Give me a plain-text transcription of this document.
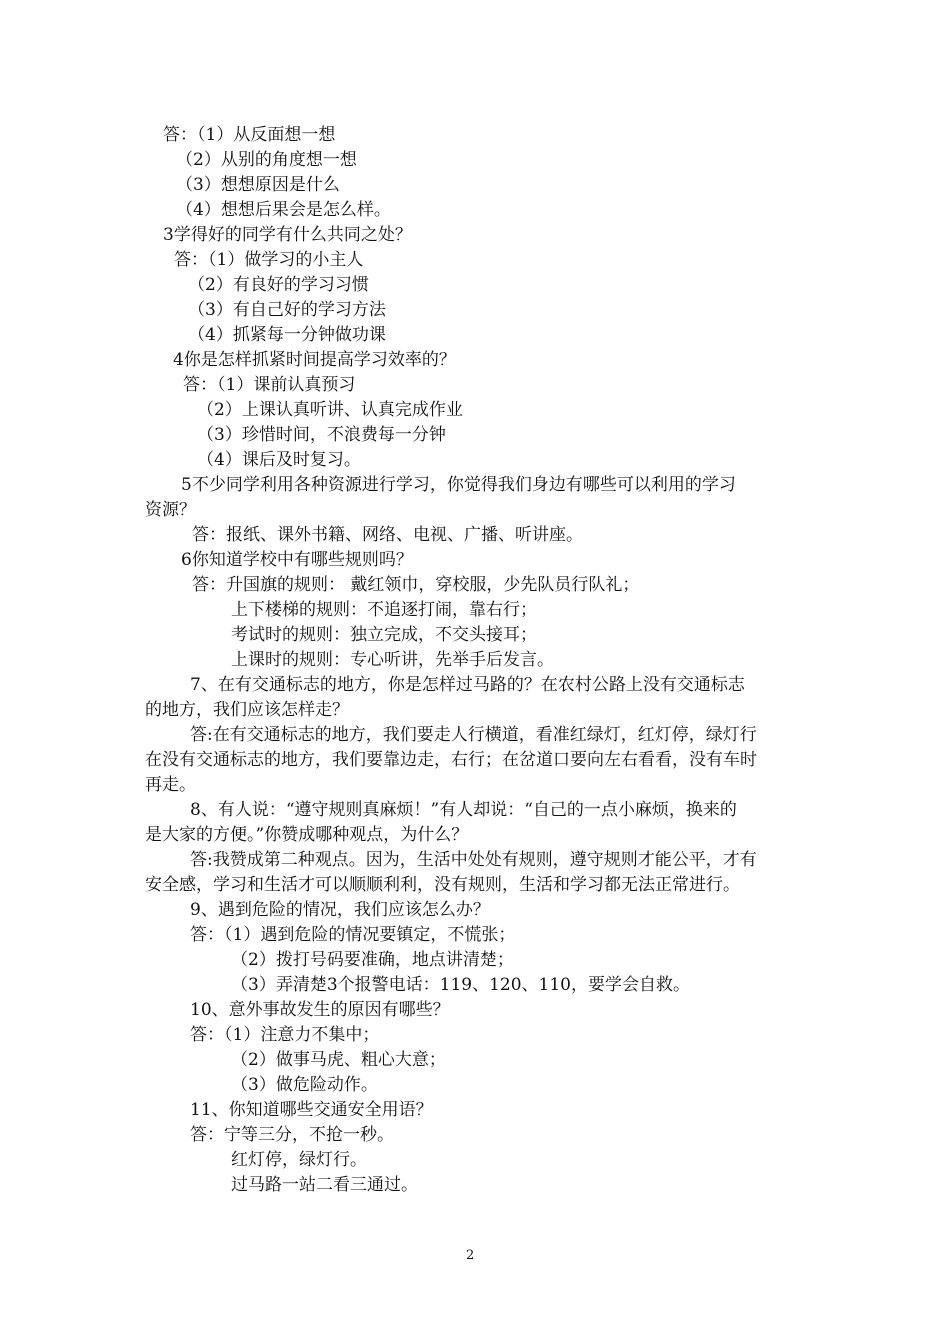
答：（1）从反面想一想
（2）从别的角度想一想
（3）想想原因是什么
（4）想想后果会是怎么样。
3学得好的同学有什么共同之处？
答：（1）做学习的小主人
（2）有良好的学习习惯
（3）有自己好的学习方法
（4）抓紧每一分钟做功课
4你是怎样抓紧时间提高学习效率的？
答：（1）课前认真预习
（2）上课认真听讲、认真完成作业
（3）珍惜时间，不浪费每一分钟
（4）课后及时复习。
5不少同学利用各种资源进行学习，你觉得我们身边有哪些可以利用的学习
资源？
答：报纸、课外书籍、网络、电视、广播、听讲座。
6你知道学校中有哪些规则吗？
答：升国旗的规则： 戴红领巾，穿校服，少先队员行队礼；
上下楼梯的规则：不追逐打闹，靠右行；
考试时的规则：独立完成，不交头接耳；
上课时的规则：专心听讲，先举手后发言。
7、在有交通标志的地方，你是怎样过马路的？在农村公路上没有交通标志
的地方，我们应该怎样走？
答:在有交通标志的地方，我们要走人行横道，看准红绿灯，红灯停，绿灯行
在没有交通标志的地方，我们要靠边走，右行；在岔道口要向左右看看，没有车时
再走。
8、有人说：“遵守规则真麻烦！”有人却说：“自己的一点小麻烦，换来的
是大家的方便。”你赞成哪种观点，为什么？
答:我赞成第二种观点。因为，生活中处处有规则，遵守规则才能公平，才有
安全感，学习和生活才可以顺顺利利，没有规则，生活和学习都无法正常进行。
9、遇到危险的情况，我们应该怎么办？
答：（1）遇到危险的情况要镇定，不慌张；
（2）拨打号码要准确，地点讲清楚；
（3）弄清楚3个报警电话：119、120、110，要学会自救。
10、意外事故发生的原因有哪些？
答：（1）注意力不集中；
（2）做事马虎、粗心大意；
（3）做危险动作。
11、你知道哪些交通安全用语？
答：宁等三分，不抢一秒。
红灯停，绿灯行。
过马路一站二看三通过。
2
